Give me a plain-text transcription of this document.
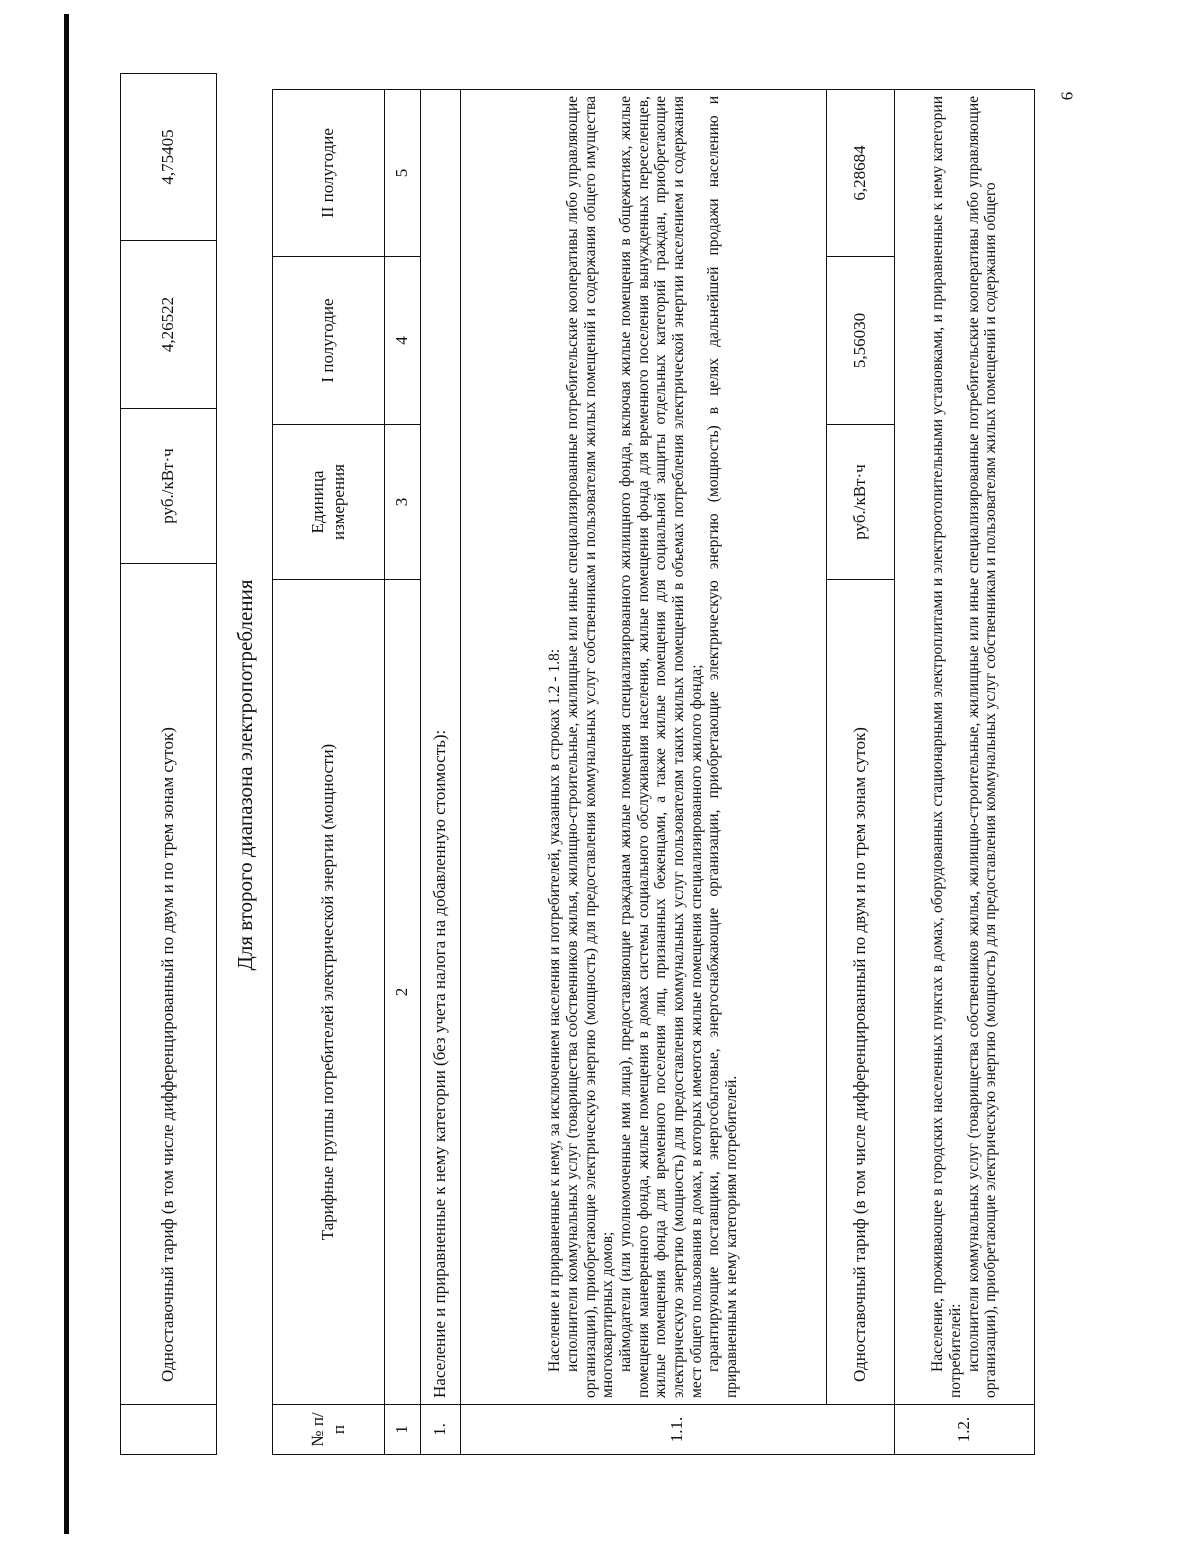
9
	Одноставочный тариф (в том числе дифференцированный по двум и по трем зонам суток)	руб./кВт·ч	4,26522	4,75405
Для второго диапазона электропотребления
№ п/п	Тарифные группы потребителей электрической энергии (мощности)	Единица измерения	I полугодие	II полугодие
1	2	3	4	5
1.	Население и приравненные к нему категории (без учета налога на добавленную стоимость):			
1.1.	Население и приравненные к нему, за исключением населения и потребителей, указанных в строках 1.2 - 1.8: исполнители коммунальных услуг (товарищества собственников жилья, жилищно-строительные, жилищные или иные специализированные потребительские кооперативы либо управляющие организации), приобретающие электрическую энергию (мощность) для предоставления коммунальных услуг собственникам и пользователям жилых помещений и содержания общего имущества многоквартирных домов; наймодатели (или уполномоченные ими лица), предоставляющие гражданам жилые помещения специализированного жилищного фонда, включая жилые помещения в общежитиях, жилые помещения маневренного фонда, жилые помещения в домах системы социального обслуживания населения, жилые помещения фонда для временного поселения вынужденных переселенцев, жилые помещения фонда для временного поселения лиц, признанных беженцами, а также жилые помещения для социальной защиты отдельных категорий граждан, приобретающие электрическую энергию (мощность) для предоставления коммунальных услуг пользователям таких жилых помещений в объемах потребления электрической энергии населением и содержания мест общего пользования в домах, в которых имеются жилые помещения специализированного жилого фонда; гарантирующие поставщики, энергосбытовые, энергоснабжающие организации, приобретающие электрическую энергию (мощность) в целях дальнейшей продажи населению и приравненным к нему категориям потребителей.			

	Одноставочный тариф (в том числе дифференцированный по двум и по трем зонам суток)	руб./кВт·ч	5,56030	6,28684
1.2.	Население, проживающее в городских населенных пунктах в домах, оборудованных стационарными электроплитами и электроотопительными установками, и приравненные к нему категории потребителей: исполнители коммунальных услуг (товарищества собственников жилья, жилищно-строительные, жилищные или иные специализированные потребительские кооперативы либо управляющие организации), приобретающие электрическую энергию (мощность) для предоставления коммунальных услуг собственникам и пользователям жилых помещений и содержания общего			
